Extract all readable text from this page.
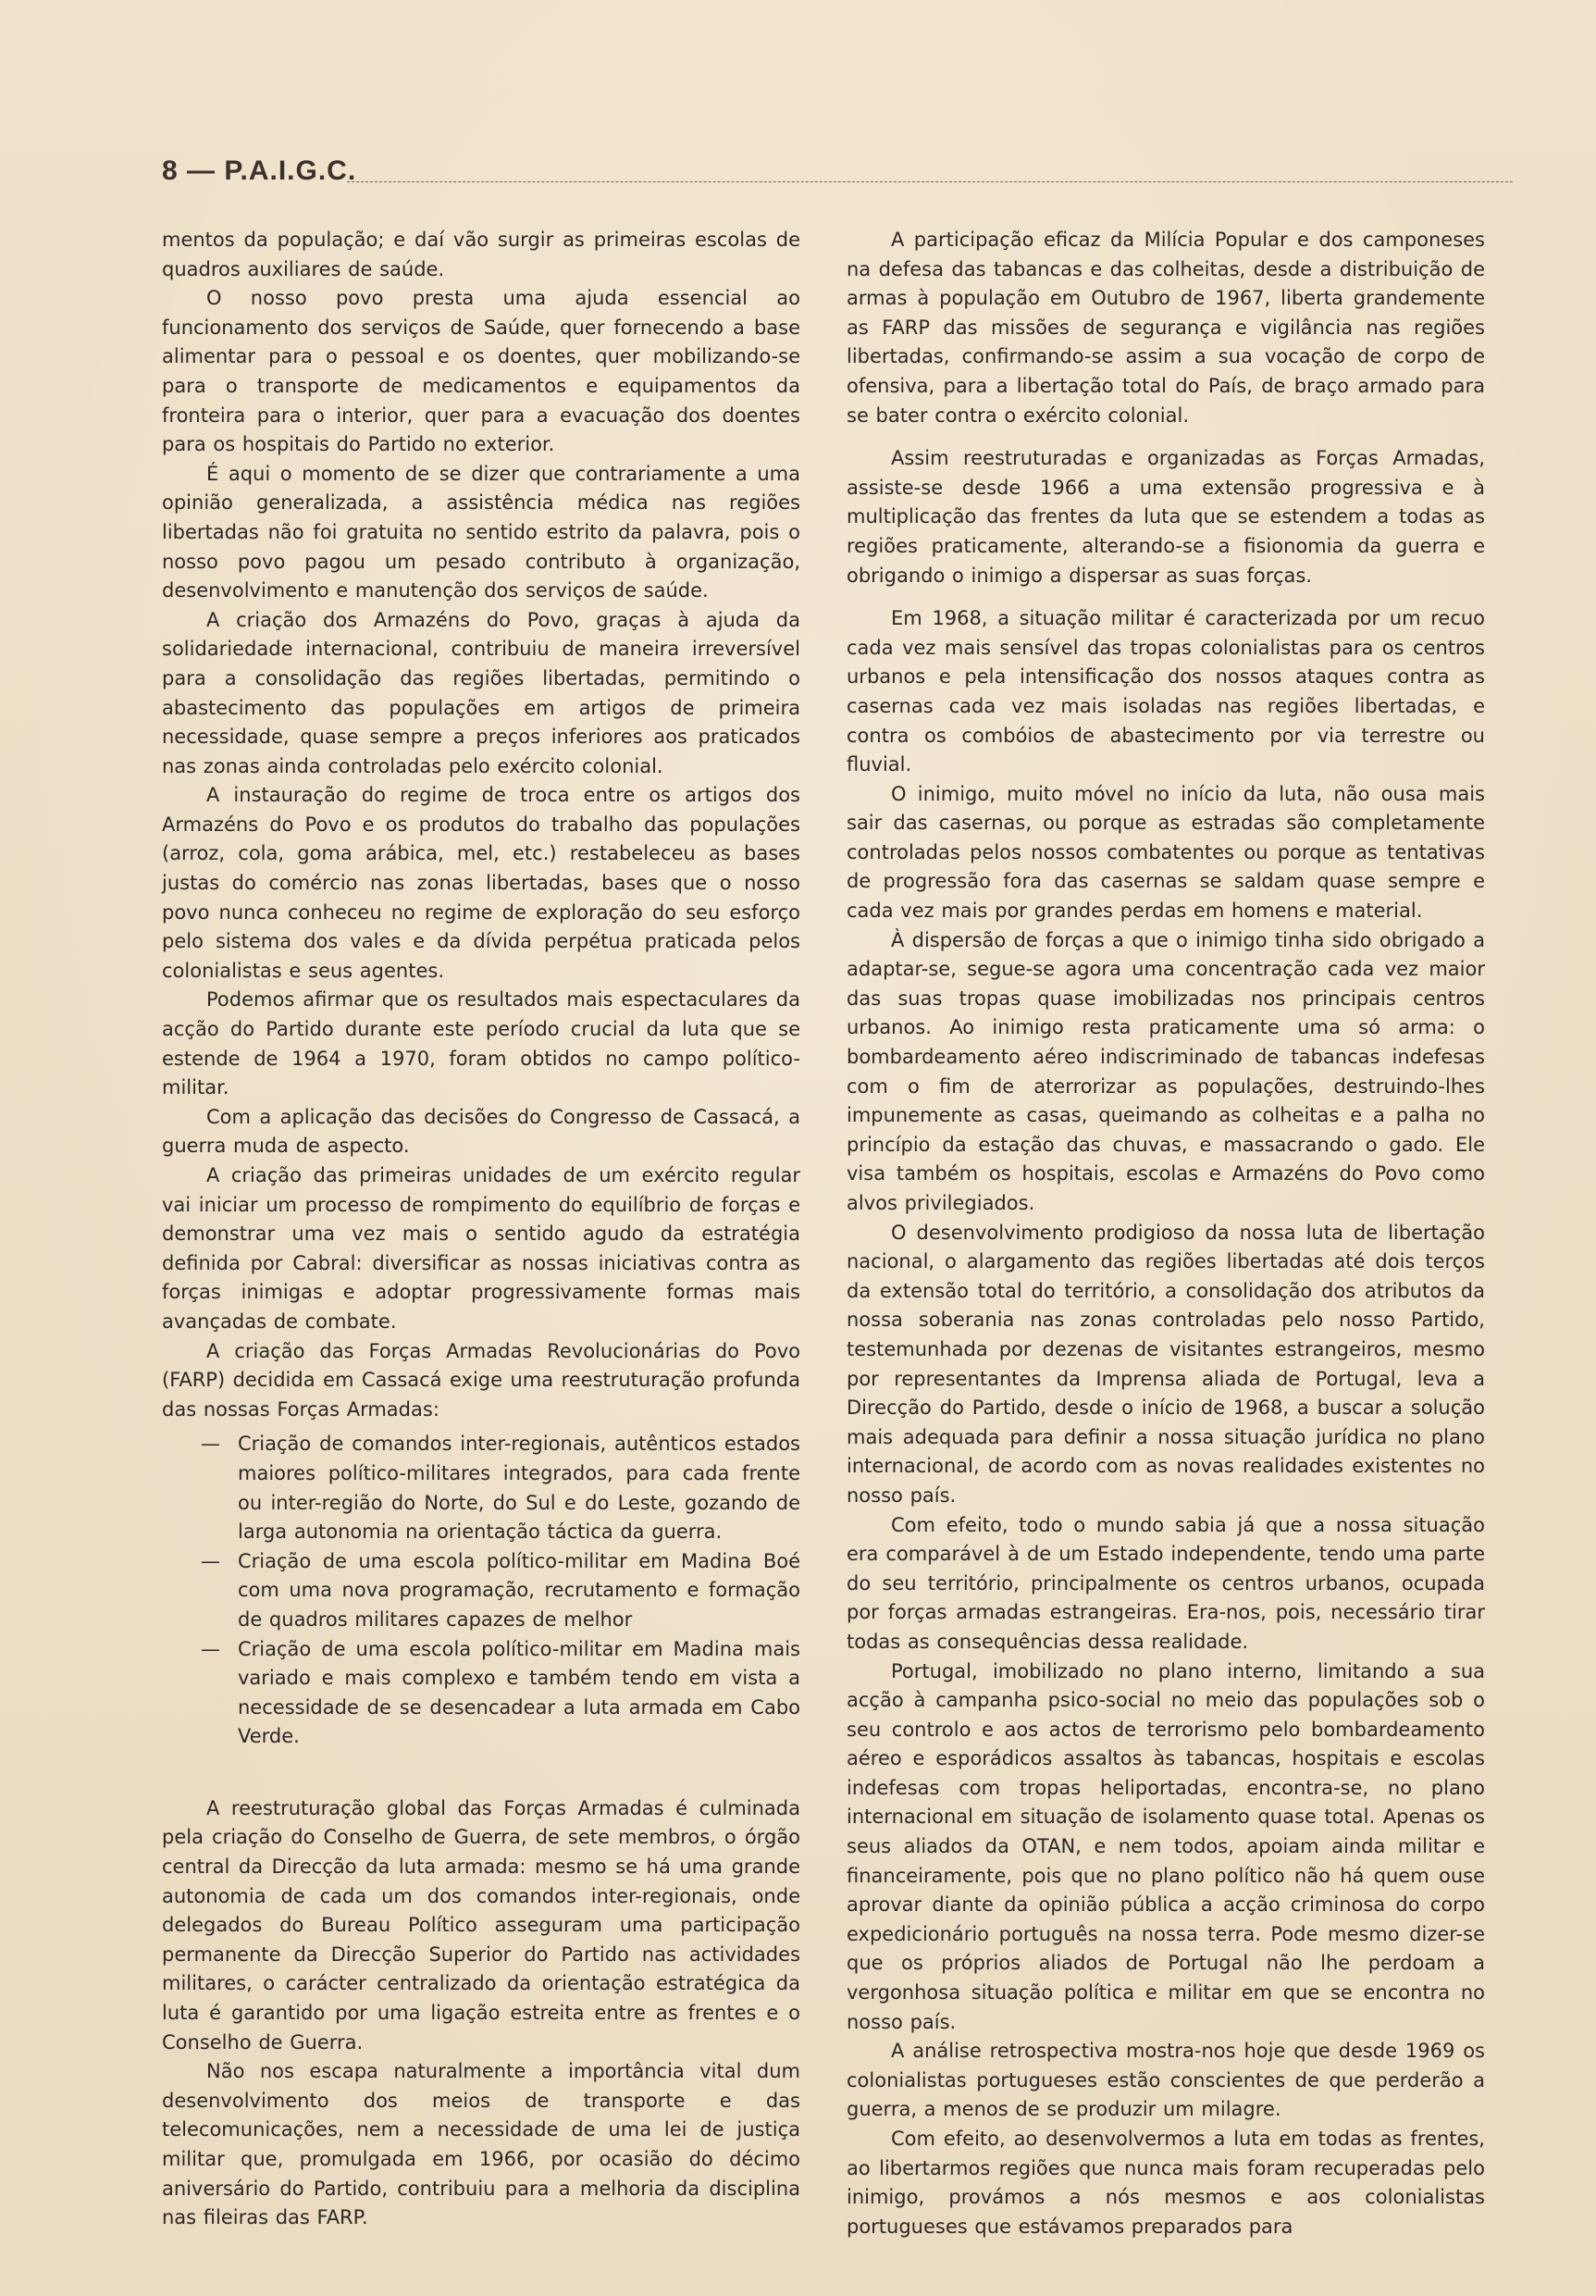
8 — P.A.I.G.C.

mentos da população; e daí vão surgir as primeiras escolas de quadros auxiliares de saúde.

O nosso povo presta uma ajuda essencial ao funcionamento dos serviços de Saúde, quer fornecendo a base alimentar para o pessoal e os doentes, quer mobilizando-se para o transporte de medicamentos e equipamentos da fronteira para o interior, quer para a evacuação dos doentes para os hospitais do Partido no exterior.

É aqui o momento de se dizer que contrariamente a uma opinião generalizada, a assistência médica nas regiões libertadas não foi gratuita no sentido estrito da palavra, pois o nosso povo pagou um pesado contributo à organização, desenvolvimento e manutenção dos serviços de saúde.

A criação dos Armazéns do Povo, graças à ajuda da solidariedade internacional, contribuiu de maneira irreversível para a consolidação das regiões libertadas, permitindo o abastecimento das populações em artigos de primeira necessidade, quase sempre a preços inferiores aos praticados nas zonas ainda controladas pelo exército colonial.

A instauração do regime de troca entre os artigos dos Armazéns do Povo e os produtos do trabalho das populações (arroz, cola, goma arábica, mel, etc.) restabeleceu as bases justas do comércio nas zonas libertadas, bases que o nosso povo nunca conheceu no regime de exploração do seu esforço pelo sistema dos vales e da dívida perpétua praticada pelos colonialistas e seus agentes.

Podemos afirmar que os resultados mais espectaculares da acção do Partido durante este período crucial da luta que se estende de 1964 a 1970, foram obtidos no campo político-militar.

Com a aplicação das decisões do Congresso de Cassacá, a guerra muda de aspecto.

A criação das primeiras unidades de um exército regular vai iniciar um processo de rompimento do equilíbrio de forças e demonstrar uma vez mais o sentido agudo da estratégia definida por Cabral: diversificar as nossas iniciativas contra as forças inimigas e adoptar progressivamente formas mais avançadas de combate.

A criação das Forças Armadas Revolucionárias do Povo (FARP) decidida em Cassacá exige uma reestruturação profunda das nossas Forças Armadas:

— Criação de comandos inter-regionais, autênticos estados maiores político-militares integrados, para cada frente ou inter-região do Norte, do Sul e do Leste, gozando de larga autonomia na orientação táctica da guerra.

— Criação de uma escola político-militar em Madina Boé com uma nova programação, recrutamento e formação de quadros militares capazes de melhor

— Criação de uma escola político-militar em Madina mais variado e mais complexo e também tendo em vista a necessidade de se desencadear a luta armada em Cabo Verde.

A reestruturação global das Forças Armadas é culminada pela criação do Conselho de Guerra, de sete membros, o órgão central da Direcção da luta armada: mesmo se há uma grande autonomia de cada um dos comandos inter-regionais, onde delegados do Bureau Político asseguram uma participação permanente da Direcção Superior do Partido nas actividades militares, o carácter centralizado da orientação estratégica da luta é garantido por uma ligação estreita entre as frentes e o Conselho de Guerra.

Não nos escapa naturalmente a importância vital dum desenvolvimento dos meios de transporte e das telecomunicações, nem a necessidade de uma lei de justiça militar que, promulgada em 1966, por ocasião do décimo aniversário do Partido, contribuiu para a melhoria da disciplina nas fileiras das FARP.

A participação eficaz da Milícia Popular e dos camponeses na defesa das tabancas e das colheitas, desde a distribuição de armas à população em Outubro de 1967, liberta grandemente as FARP das missões de segurança e vigilância nas regiões libertadas, confirmando-se assim a sua vocação de corpo de ofensiva, para a libertação total do País, de braço armado para se bater contra o exército colonial.

Assim reestruturadas e organizadas as Forças Armadas, assiste-se desde 1966 a uma extensão progressiva e à multiplicação das frentes da luta que se estendem a todas as regiões praticamente, alterando-se a fisionomia da guerra e obrigando o inimigo a dispersar as suas forças.

Em 1968, a situação militar é caracterizada por um recuo cada vez mais sensível das tropas colonialistas para os centros urbanos e pela intensificação dos nossos ataques contra as casernas cada vez mais isoladas nas regiões libertadas, e contra os combóios de abastecimento por via terrestre ou fluvial.

O inimigo, muito móvel no início da luta, não ousa mais sair das casernas, ou porque as estradas são completamente controladas pelos nossos combatentes ou porque as tentativas de progressão fora das casernas se saldam quase sempre e cada vez mais por grandes perdas em homens e material.

À dispersão de forças a que o inimigo tinha sido obrigado a adaptar-se, segue-se agora uma concentração cada vez maior das suas tropas quase imobilizadas nos principais centros urbanos. Ao inimigo resta praticamente uma só arma: o bombardeamento aéreo indiscriminado de tabancas indefesas com o fim de aterrorizar as populações, destruindo-lhes impunemente as casas, queimando as colheitas e a palha no princípio da estação das chuvas, e massacrando o gado. Ele visa também os hospitais, escolas e Armazéns do Povo como alvos privilegiados.

O desenvolvimento prodigioso da nossa luta de libertação nacional, o alargamento das regiões libertadas até dois terços da extensão total do território, a consolidação dos atributos da nossa soberania nas zonas controladas pelo nosso Partido, testemunhada por dezenas de visitantes estrangeiros, mesmo por representantes da Imprensa aliada de Portugal, leva a Direcção do Partido, desde o início de 1968, a buscar a solução mais adequada para definir a nossa situação jurídica no plano internacional, de acordo com as novas realidades existentes no nosso país.

Com efeito, todo o mundo sabia já que a nossa situação era comparável à de um Estado independente, tendo uma parte do seu território, principalmente os centros urbanos, ocupada por forças armadas estrangeiras. Era-nos, pois, necessário tirar todas as consequências dessa realidade.

Portugal, imobilizado no plano interno, limitando a sua acção à campanha psico-social no meio das populações sob o seu controlo e aos actos de terrorismo pelo bombardeamento aéreo e esporádicos assaltos às tabancas, hospitais e escolas indefesas com tropas heliportadas, encontra-se, no plano internacional em situação de isolamento quase total. Apenas os seus aliados da OTAN, e nem todos, apoiam ainda militar e financeiramente, pois que no plano político não há quem ouse aprovar diante da opinião pública a acção criminosa do corpo expedicionário português na nossa terra. Pode mesmo dizer-se que os próprios aliados de Portugal não lhe perdoam a vergonhosa situação política e militar em que se encontra no nosso país.

A análise retrospectiva mostra-nos hoje que desde 1969 os colonialistas portugueses estão conscientes de que perderão a guerra, a menos de se produzir um milagre.

Com efeito, ao desenvolvermos a luta em todas as frentes, ao libertarmos regiões que nunca mais foram recuperadas pelo inimigo, provámos a nós mesmos e aos colonialistas portugueses que estávamos preparados para
